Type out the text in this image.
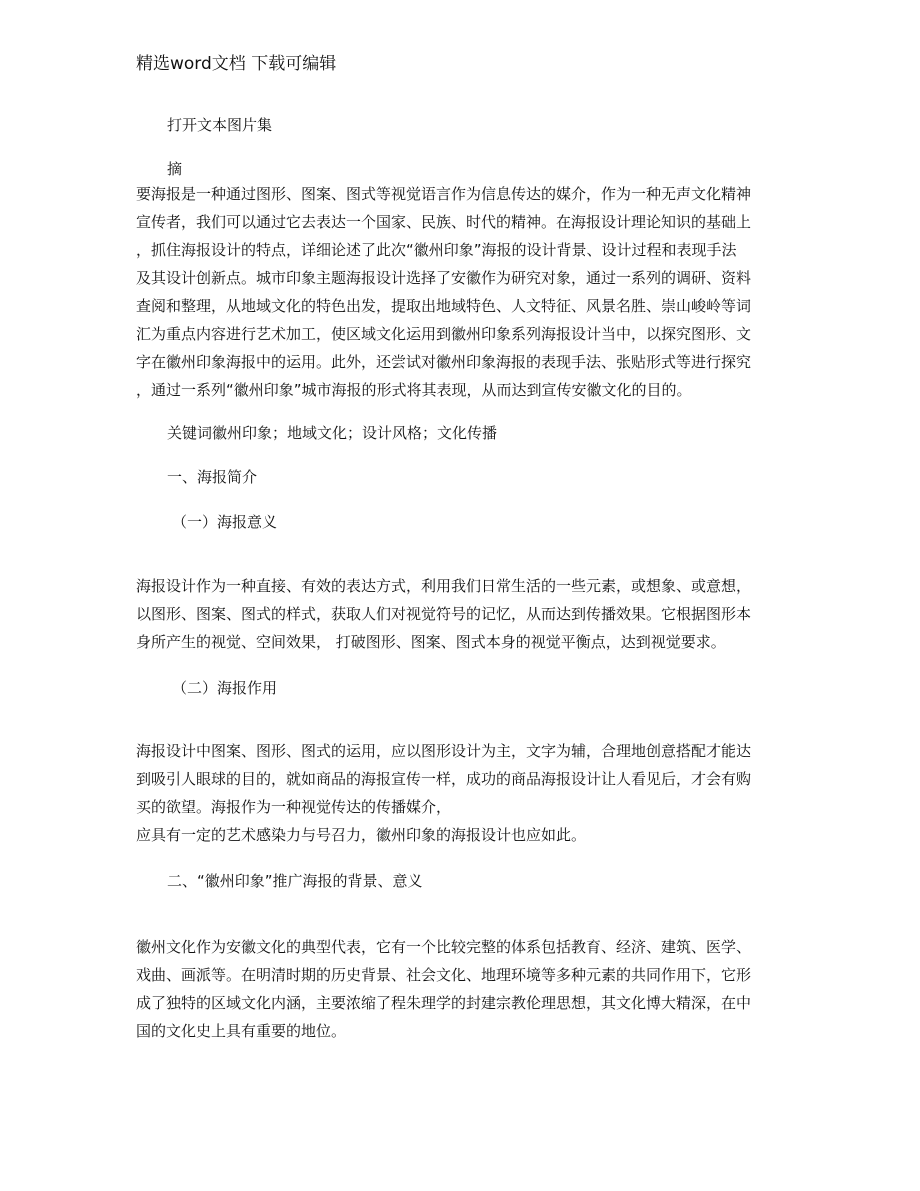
精选word文档 下载可编辑
打开文本图片集
摘
要海报是一种通过图形、图案、图式等视觉语言作为信息传达的媒介，作为一种无声文化精神
宣传者，我们可以通过它去表达一个国家、民族、时代的精神。在海报设计理论知识的基础上
，抓住海报设计的特点，详细论述了此次“徽州印象”海报的设计背景、设计过程和表现手法
及其设计创新点。城市印象主题海报设计选择了安徽作为研究对象，通过一系列的调研、资料
查阅和整理，从地域文化的特色出发，提取出地域特色、人文特征、风景名胜、崇山峻岭等词
汇为重点内容进行艺术加工，使区域文化运用到徽州印象系列海报设计当中，以探究图形、文
字在徽州印象海报中的运用。此外，还尝试对徽州印象海报的表现手法、张贴形式等进行探究
，通过一系列“徽州印象”城市海报的形式将其表现，从而达到宣传安徽文化的目的。
关键词徽州印象；地域文化；设计风格；文化传播
一、海报简介
（一）海报意义
海报设计作为一种直接、有效的表达方式，利用我们日常生活的一些元素，或想象、或意想，
以图形、图案、图式的样式，获取人们对视觉符号的记忆，从而达到传播效果。它根据图形本
身所产生的视觉、空间效果， 打破图形、图案、图式本身的视觉平衡点，达到视觉要求。
（二）海报作用
海报设计中图案、图形、图式的运用，应以图形设计为主，文字为辅，合理地创意搭配才能达
到吸引人眼球的目的，就如商品的海报宣传一样，成功的商品海报设计让人看见后，才会有购
买的欲望。海报作为一种视觉传达的传播媒介，
应具有一定的艺术感染力与号召力，徽州印象的海报设计也应如此。
二、“徽州印象”推广海报的背景、意义
徽州文化作为安徽文化的典型代表，它有一个比较完整的体系包括教育、经济、建筑、医学、
戏曲、画派等。在明清时期的历史背景、社会文化、地理环境等多种元素的共同作用下，它形
成了独特的区域文化内涵，主要浓缩了程朱理学的封建宗教伦理思想，其文化博大精深，在中
国的文化史上具有重要的地位。
